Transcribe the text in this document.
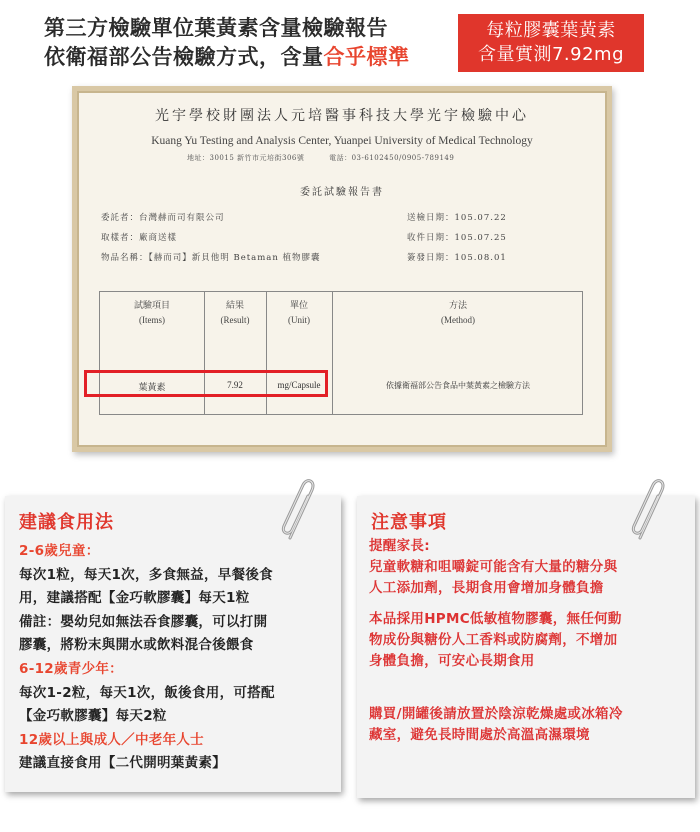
第三方檢驗單位葉黃素含量檢驗報告
依衛福部公告檢驗方式，含量合乎標準
每粒膠囊葉黃素
含量實測7.92mg
光宇學校財團法人元培醫事科技大學光宇檢驗中心
Kuang Yu Testing and Analysis Center, Yuanpei University of Medical Technology
地址：30015 新竹市元培街306號	電話：03-6102450/0905-789149
委託試驗報告書
委託者：台灣赫而司有限公司
取樣者：廠商送樣
物品名稱：【赫而司】新貝他明 Betaman 植物膠囊
送檢日期：105.07.22
收件日期：105.07.25
簽發日期：105.08.01
試驗項目
(Items)
結果
(Result)
單位
(Unit)
方法
(Method)
葉黃素	7.92	mg/Capsule	依據衛福部公告食品中葉黃素之檢驗方法
建議食用法
2-6歲兒童：
每次1粒，每天1次，多食無益，早餐後食
用，建議搭配【金巧軟膠囊】每天1粒
備註：嬰幼兒如無法吞食膠囊，可以打開
膠囊，將粉末與開水或飲料混合後餵食
6-12歲青少年：
每次1-2粒，每天1次，飯後食用，可搭配
【金巧軟膠囊】每天2粒
12歲以上與成人／中老年人士
建議直接食用【二代開明葉黃素】
注意事項
提醒家長:
兒童軟糖和咀嚼錠可能含有大量的糖分與
人工添加劑，長期食用會增加身體負擔
本品採用HPMC低敏植物膠囊，無任何動
物成份與糖份人工香料或防腐劑，不增加
身體負擔，可安心長期食用
購買/開罐後請放置於陰涼乾燥處或冰箱冷
藏室，避免長時間處於高溫高濕環境
